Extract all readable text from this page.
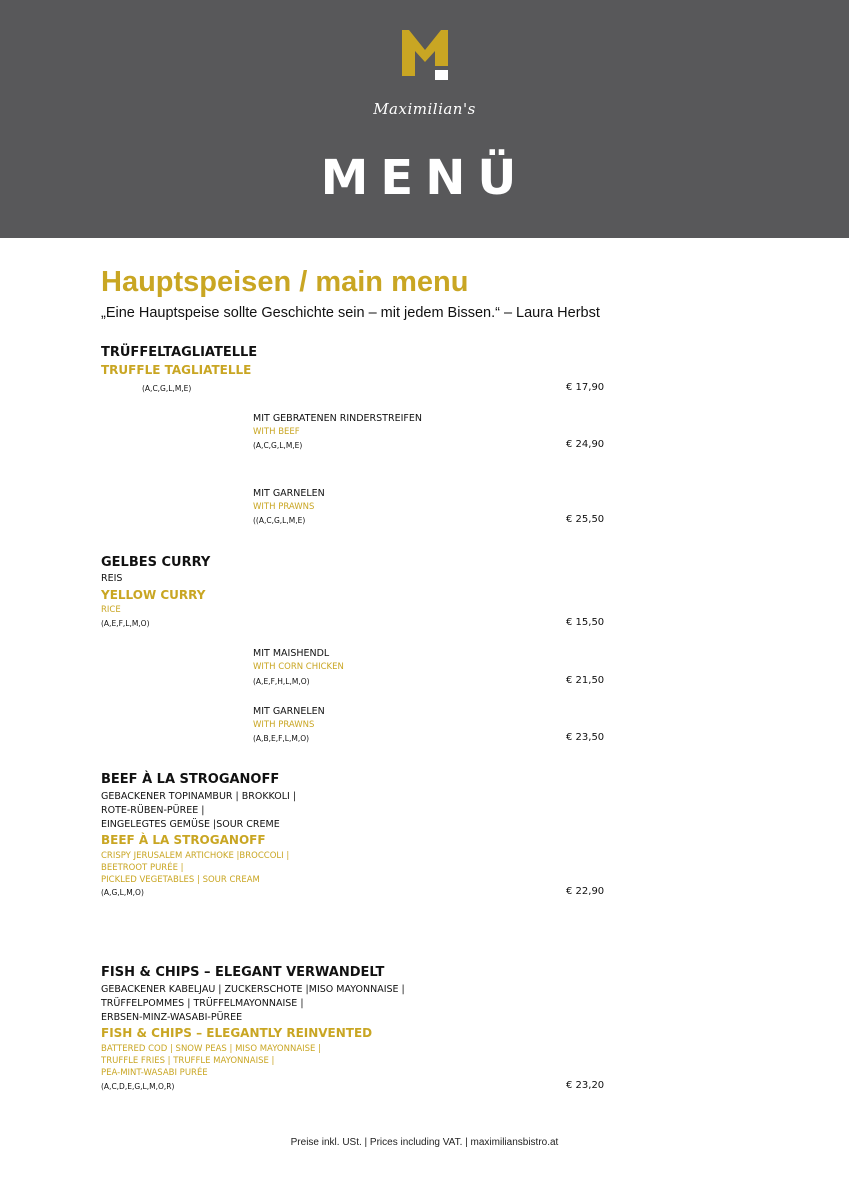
Maximilian's
MENÜ
Hauptspeisen / main menu
„Eine Hauptspeise sollte Geschichte sein – mit jedem Bissen.“ – Laura Herbst
TRÜFFELTAGLIATELLE
TRUFFLE TAGLIATELLE
(A,C,G,L,M,E)	€ 17,90
MIT GEBRATENEN RINDERSTREIFEN
WITH BEEF
(A,C,G,L,M,E)	€ 24,90
MIT GARNELEN
WITH PRAWNS
((A,C,G,L,M,E)	€ 25,50
GELBES CURRY
REIS
YELLOW CURRY
RICE
(A,E,F,L,M,O)	€ 15,50
MIT MAISHENDL
WITH CORN CHICKEN
(A,E,F,H,L,M,O)	€ 21,50
MIT GARNELEN
WITH PRAWNS
(A,B,E,F,L,M,O)	€ 23,50
BEEF À LA STROGANOFF
GEBACKENER TOPINAMBUR | BROKKOLI |
ROTE-RÜBEN-PÜREE |
EINGELEGTES GEMÜSE |SOUR CREME
BEEF À LA STROGANOFF
CRISPY JERUSALEM ARTICHOKE |BROCCOLI |
BEETROOT PURÉE |
PICKLED VEGETABLES | SOUR CREAM
(A,G,L,M,O)	€ 22,90
FISH & CHIPS – ELEGANT VERWANDELT
GEBACKENER KABELJAU | ZUCKERSCHOTE |MISO MAYONNAISE |
TRÜFFELPOMMES | TRÜFFELMAYONNAISE |
ERBSEN-MINZ-WASABI-PÜREE
FISH & CHIPS – ELEGANTLY REINVENTED
BATTERED COD | SNOW PEAS | MISO MAYONNAISE |
TRUFFLE FRIES | TRUFFLE MAYONNAISE |
PEA-MINT-WASABI PURÉE
(A,C,D,E,G,L,M,O,R)	€ 23,20
Preise inkl. USt. | Prices including VAT. | maximiliansbistro.at
